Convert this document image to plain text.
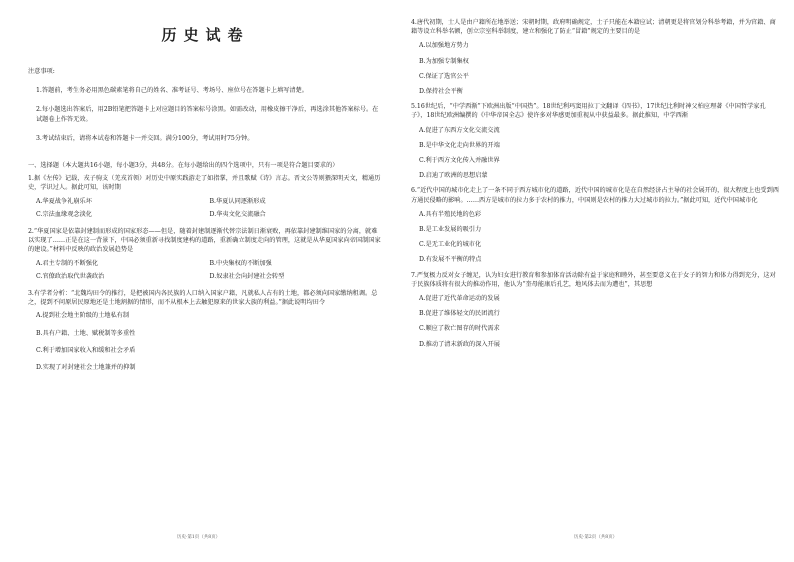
历史试卷

注意事项:

1.答题前，考生务必用黑色碳素笔将自己的姓名、准考证号、考场号、座位号在答题卡上填写清楚。

2.每小题选出答案后，用2B铅笔把答题卡上对应题目的答案标号涂黑。如需改动，用橡皮擦干净后，再选涂其他答案标号。在试题卷上作答无效。

3.考试结束后，请将本试卷和答题卡一并交回。满分100分，考试用时75分钟。

一、选择题（本大题共16小题，每小题3分，共48分。在每小题给出的四个选项中，只有一项是符合题目要求的）

1.据《左传》记载，戎子驹支（羌戎首领）对历史中原实践游走了如指掌，并且歌赋《诗》言志。晋文公等则猥深明天文，精通历史，学识过人。据此可知，该时期

A.华夏战争礼崩乐坏	B.华夏认同逐渐形成
C.宗法血缘观念淡化	D.华夷文化交流融合

2.“华夏国家是依靠封建制而形成的国家形态——但是，随着封建制逐渐代替宗法制日渐衰败，再依靠封建制维国家的分离，就难以实现了……正是在这一背景下，中国必须重新寻找制度建构的道路，重新确立制度走向的管理，这就是从华夏国家向帝国制国家的建设。”材料中反映的政治发展趋势是

A.君主专制的不断强化	B.中央集权的不断加强
C.官僚政治取代世袭政治	D.奴隶社会向封建社会转型

3.有学者分析：“北魏均田令的推行，是把被国内各民族的人口纳入国家户籍，凡就私人占有的土地，都必须向国家缴纳租调。总之，提到不问原居民原地还是土地割据的情形，而不从根本上去触犯原来的世家大族的利益。”据此说明均田令

A.提到社会地主阶级的土地私有制
B.具有户籍、土地、赋税制等多重性
C.利于增加国家收入和缓和社会矛盾
D.实现了对封建社会土地兼并的抑制
历史·第1页（共8页）

4.唐代初期，士人是由户籍所在地举送；宋朝时期，政府明确规定，士子只能在本籍应试；清朝更是将官划分科举考籍，并为官籍、商籍等设立科举名额，创立宗室科举制度，建立和强化了防止“冒籍”规定的主要目的是

A.以加强地方势力
B.为加强专制集权
C.保证了选官公平
D.保持社会平衡

5.16世纪后，“中学西渐”下欧洲出版“中国热”。18世纪利玛窦用拉丁文翻译《四书》，17世纪比利时神父柏应理著《中国哲学家孔子》，18世纪欧洲编撰的《中华帝国全志》使许多对华感更加重视从中获益最多。据此推知，中学西渐

A.促进了东西方文化交流交流
B.是中华文化走向世界的开端
C.利于西方文化传入并融世界
D.启迪了欧洲的思想启蒙

6.“近代中国的城市化走上了一条不同于西方城市化的道路，近代中国的城市化是在自然经济占主导的社会展开的，很大程度上也受到西方通民侵略的影响。……西方是城市的拉力多于农村的推力，中国则是农村的推力大过城市的拉力。”据此可知，近代中国城市化

A.具有半殖民地的色彩
B.是工业发展的吸引力
C.是无工业化的城市化
D.有发展不平衡的特点

7.严复极力反对女子缠足，认为妇女进行教育和参加体育活动除有益于家庭和睦外，甚至要意义在于女子的智力和体力得到充分，这对于民族体质将有很大的推动作用，他认为“奎母能康后孔艺，地风体去而为遭也”，其思想

A.促进了近代革命运动的发展
B.促进了维体轻文的民团流行
C.顺应了救亡图存的时代需求
D.推动了清末新政的深入开展
历史·第2页（共8页）
